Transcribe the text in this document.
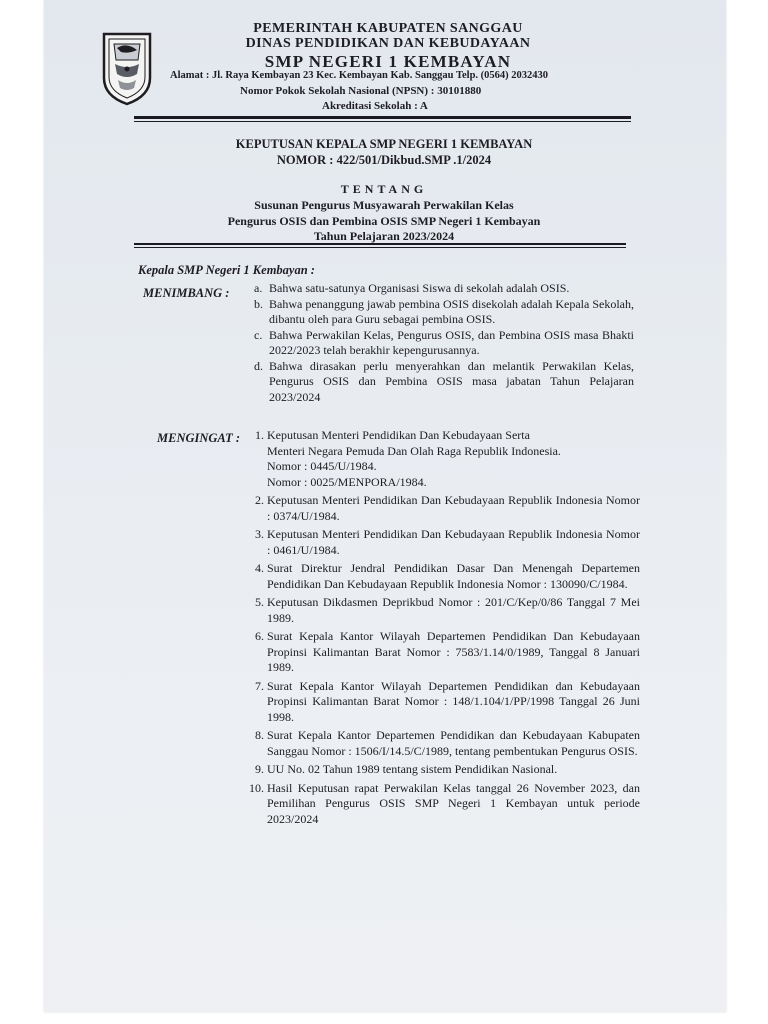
PEMERINTAH KABUPATEN SANGGAU
DINAS PENDIDIKAN DAN KEBUDAYAAN
SMP NEGERI 1 KEMBAYAN
Alamat : Jl. Raya Kembayan 23 Kec. Kembayan Kab. Sanggau Telp. (0564) 2032430
Nomor Pokok Sekolah Nasional (NPSN) : 30101880
Akreditasi Sekolah : A
KEPUTUSAN KEPALA SMP NEGERI 1 KEMBAYAN
NOMOR : 422/501/Dikbud.SMP .1/2024
TENTANG
Susunan Pengurus Musyawarah Perwakilan Kelas
Pengurus OSIS dan Pembina OSIS SMP Negeri 1 Kembayan
Tahun Pelajaran 2023/2024
Kepala SMP Negeri 1 Kembayan :
MENIMBANG : a. Bahwa satu-satunya Organisasi Siswa di sekolah adalah OSIS.
b. Bahwa penanggung jawab pembina OSIS disekolah adalah Kepala Sekolah, dibantu oleh para Guru sebagai pembina OSIS.
c. Bahwa Perwakilan Kelas, Pengurus OSIS, dan Pembina OSIS masa Bhakti 2022/2023 telah berakhir kepengurusannya.
d. Bahwa dirasakan perlu menyerahkan dan melantik Perwakilan Kelas, Pengurus OSIS dan Pembina OSIS masa jabatan Tahun Pelajaran 2023/2024
MENGINGAT :	1. Keputusan Menteri Pendidikan Dan Kebudayaan Serta
Menteri Negara Pemuda Dan Olah Raga Republik Indonesia.
Nomor : 0445/U/1984.
Nomor : 0025/MENPORA/1984.
2. Keputusan Menteri Pendidikan Dan Kebudayaan Republik Indonesia Nomor : 0374/U/1984.
3. Keputusan Menteri Pendidikan Dan Kebudayaan Republik Indonesia Nomor : 0461/U/1984.
4. Surat Direktur Jendral Pendidikan Dasar Dan Menengah Departemen Pendidikan Dan Kebudayaan Republik Indonesia Nomor : 130090/C/1984.
5. Keputusan Dikdasmen Deprikbud Nomor : 201/C/Kep/0/86 Tanggal 7 Mei 1989.
6. Surat Kepala Kantor Wilayah Departemen Pendidikan Dan Kebudayaan Propinsi Kalimantan Barat Nomor : 7583/1.14/0/1989, Tanggal 8 Januari 1989.
7. Surat Kepala Kantor Wilayah Departemen Pendidikan dan Kebudayaan Propinsi Kalimantan Barat Nomor : 148/1.104/1/PP/1998 Tanggal 26 Juni 1998.
8. Surat Kepala Kantor Departemen Pendidikan dan Kebudayaan Kabupaten Sanggau Nomor : 1506/I/14.5/C/1989, tentang pembentukan Pengurus OSIS.
9. UU No. 02 Tahun 1989 tentang sistem Pendidikan Nasional.
10. Hasil Keputusan rapat Perwakilan Kelas tanggal 26 November 2023, dan Pemilihan Pengurus OSIS SMP Negeri 1 Kembayan untuk periode 2023/2024
